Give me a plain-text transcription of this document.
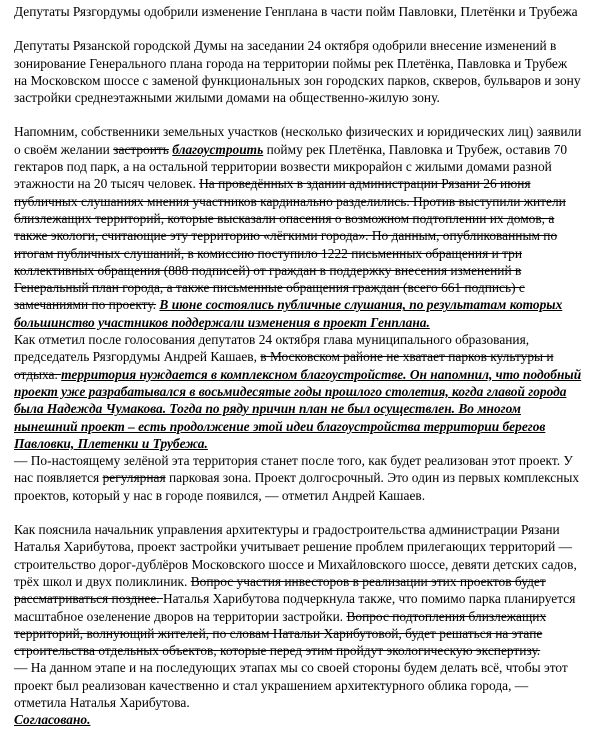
Депутаты Рязгордумы одобрили изменение Генплана в части пойм Павловки, Плетёнки и Трубежа

Депутаты Рязанской городской Думы на заседании 24 октября одобрили внесение изменений в зонирование Генерального плана города на территории поймы рек Плетёнка, Павловка и Трубеж на Московском шоссе с заменой функциональных зон городских парков, скверов, бульваров и зону застройки среднеэтажными жилыми домами на общественно-жилую зону.

Напомним, собственники земельных участков (несколько физических и юридических лиц) заявили о своём желании застроить благоустроить пойму рек Плетёнка, Павловка и Трубеж, оставив 70 гектаров под парк, а на остальной территории возвести микрорайон с жилыми домами разной этажности на 20 тысяч человек. На проведённых в здании администрации Рязани 26 июня публичных слушаниях мнения участников кардинально разделились. Против выступили жители близлежащих территорий, которые высказали опасения о возможном подтоплении их домов, а также экологи, считающие эту территорию «лёгкими города». По данным, опубликованным по итогам публичных слушаний, в комиссию поступило 1222 письменных обращения и три коллективных обращения (888 подписей) от граждан в поддержку внесения изменений в Генеральный план города, а также письменные обращения граждан (всего 661 подпись) с замечаниями по проекту. В июне состоялись публичные слушания, по результатам которых большинство участников поддержали изменения в проект Генплана.

Как отметил после голосования депутатов 24 октября глава муниципального образования, председатель Рязгордумы Андрей Кашаев, в Московском районе не хватает парков культуры и отдыха. территория нуждается в комплексном благоустройстве. Он напомнил, что подобный проект уже разрабатывался в восьмидесятые годы прошлого столетия, когда главой города была Надежда Чумакова. Тогда по ряду причин план не был осуществлен. Во многом нынешний проект – есть продолжение этой идеи благоустройства территории берегов Павловки, Плетенки и Трубежа.

— По-настоящему зелёной эта территория станет после того, как будет реализован этот проект. У нас появляется регулярная парковая зона. Проект долгосрочный. Это один из первых комплексных проектов, который у нас в городе появился, — отметил Андрей Кашаев.

Как пояснила начальник управления архитектуры и градостроительства администрации Рязани Наталья Харибутова, проект застройки учитывает решение проблем прилегающих территорий — строительство дорог-дублёров Московского шоссе и Михайловского шоссе, девяти детских садов, трёх школ и двух поликлиник. Вопрос участия инвесторов в реализации этих проектов будет рассматриваться позднее. Наталья Харибутова подчеркнула также, что помимо парка планируется масштабное озеленение дворов на территории застройки. Вопрос подтопления близлежащих территорий, волнующий жителей, по словам Натальи Харибутовой, будет решаться на этапе строительства отдельных объектов, которые перед этим пройдут экологическую экспертизу.

— На данном этапе и на последующих этапах мы со своей стороны будем делать всё, чтобы этот проект был реализован качественно и стал украшением архитектурного облика города, — отметила Наталья Харибутова.

Согласовано.
